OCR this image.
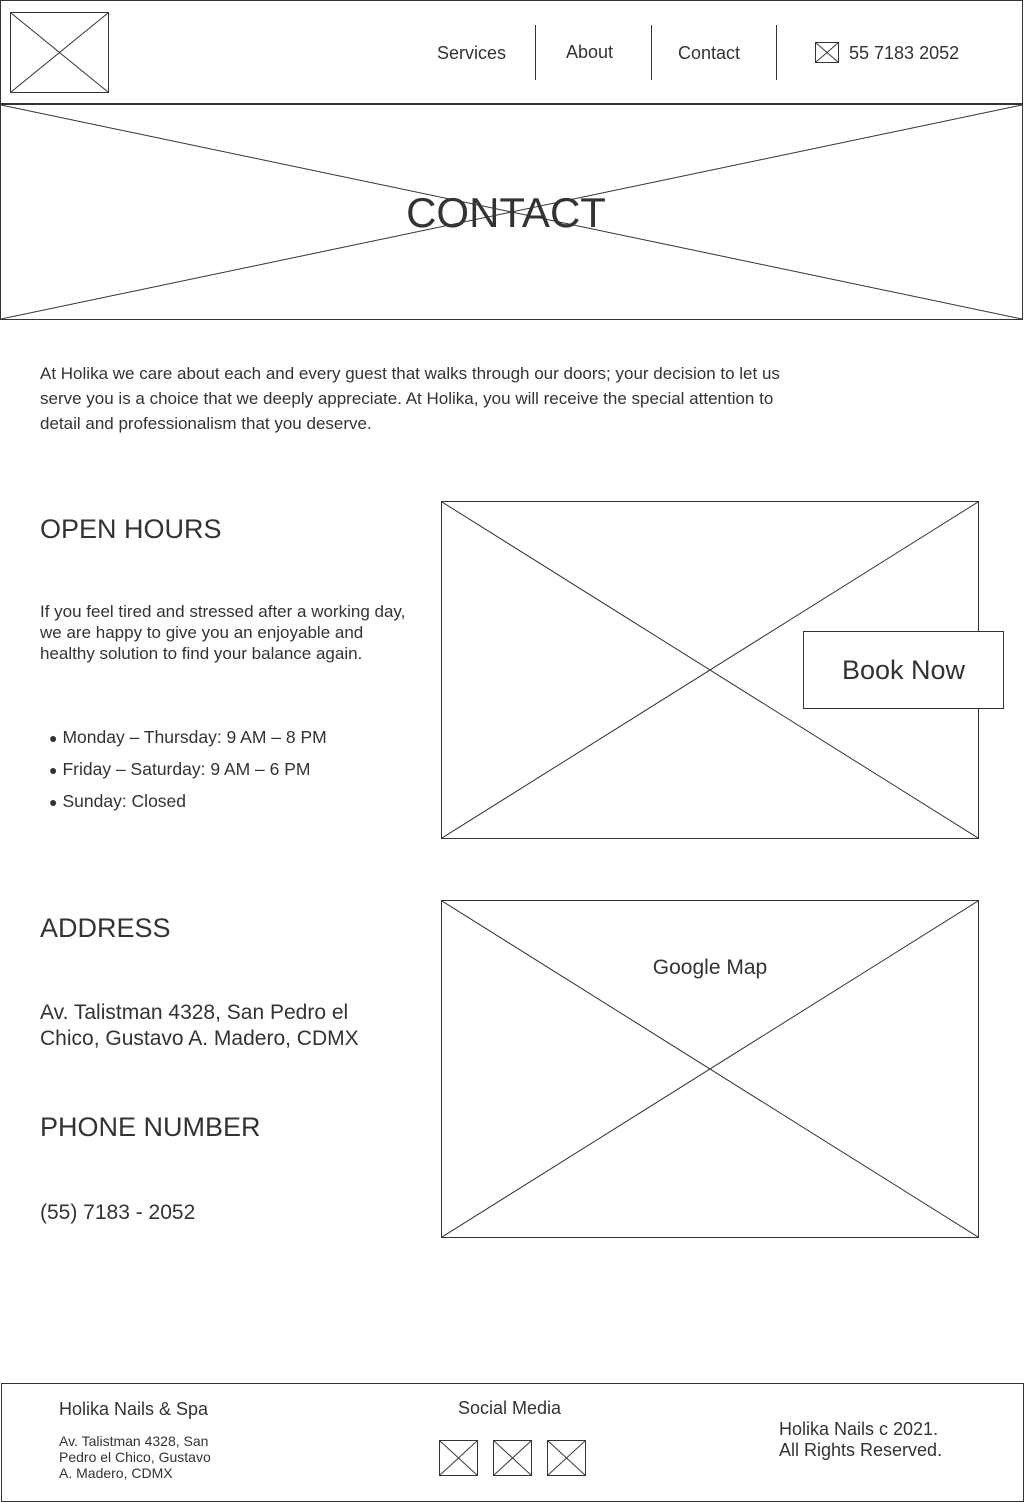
Services	About	Contact	55 7183 2052
CONTACT

At Holika we care about each and every guest that walks through our doors; your decision to let us serve you is a choice that we deeply appreciate. At Holika, you will receive the special attention to detail and professionalism that you deserve.

OPEN HOURS

If you feel tired and stressed after a working day, we are happy to give you an enjoyable and healthy solution to find your balance again.

● Monday – Thursday: 9 AM – 8 PM
● Friday – Saturday: 9 AM – 6 PM
● Sunday: Closed
Book Now
ADDRESS

Av. Talistman 4328, San Pedro el Chico, Gustavo A. Madero, CDMX

PHONE NUMBER
(55) 7183 - 2052
Google Map
Holika Nails & Spa

Av. Talistman 4328, San Pedro el Chico, Gustavo A. Madero, CDMX

Social Media
Holika Nails c 2021.
All Rights Reserved.
